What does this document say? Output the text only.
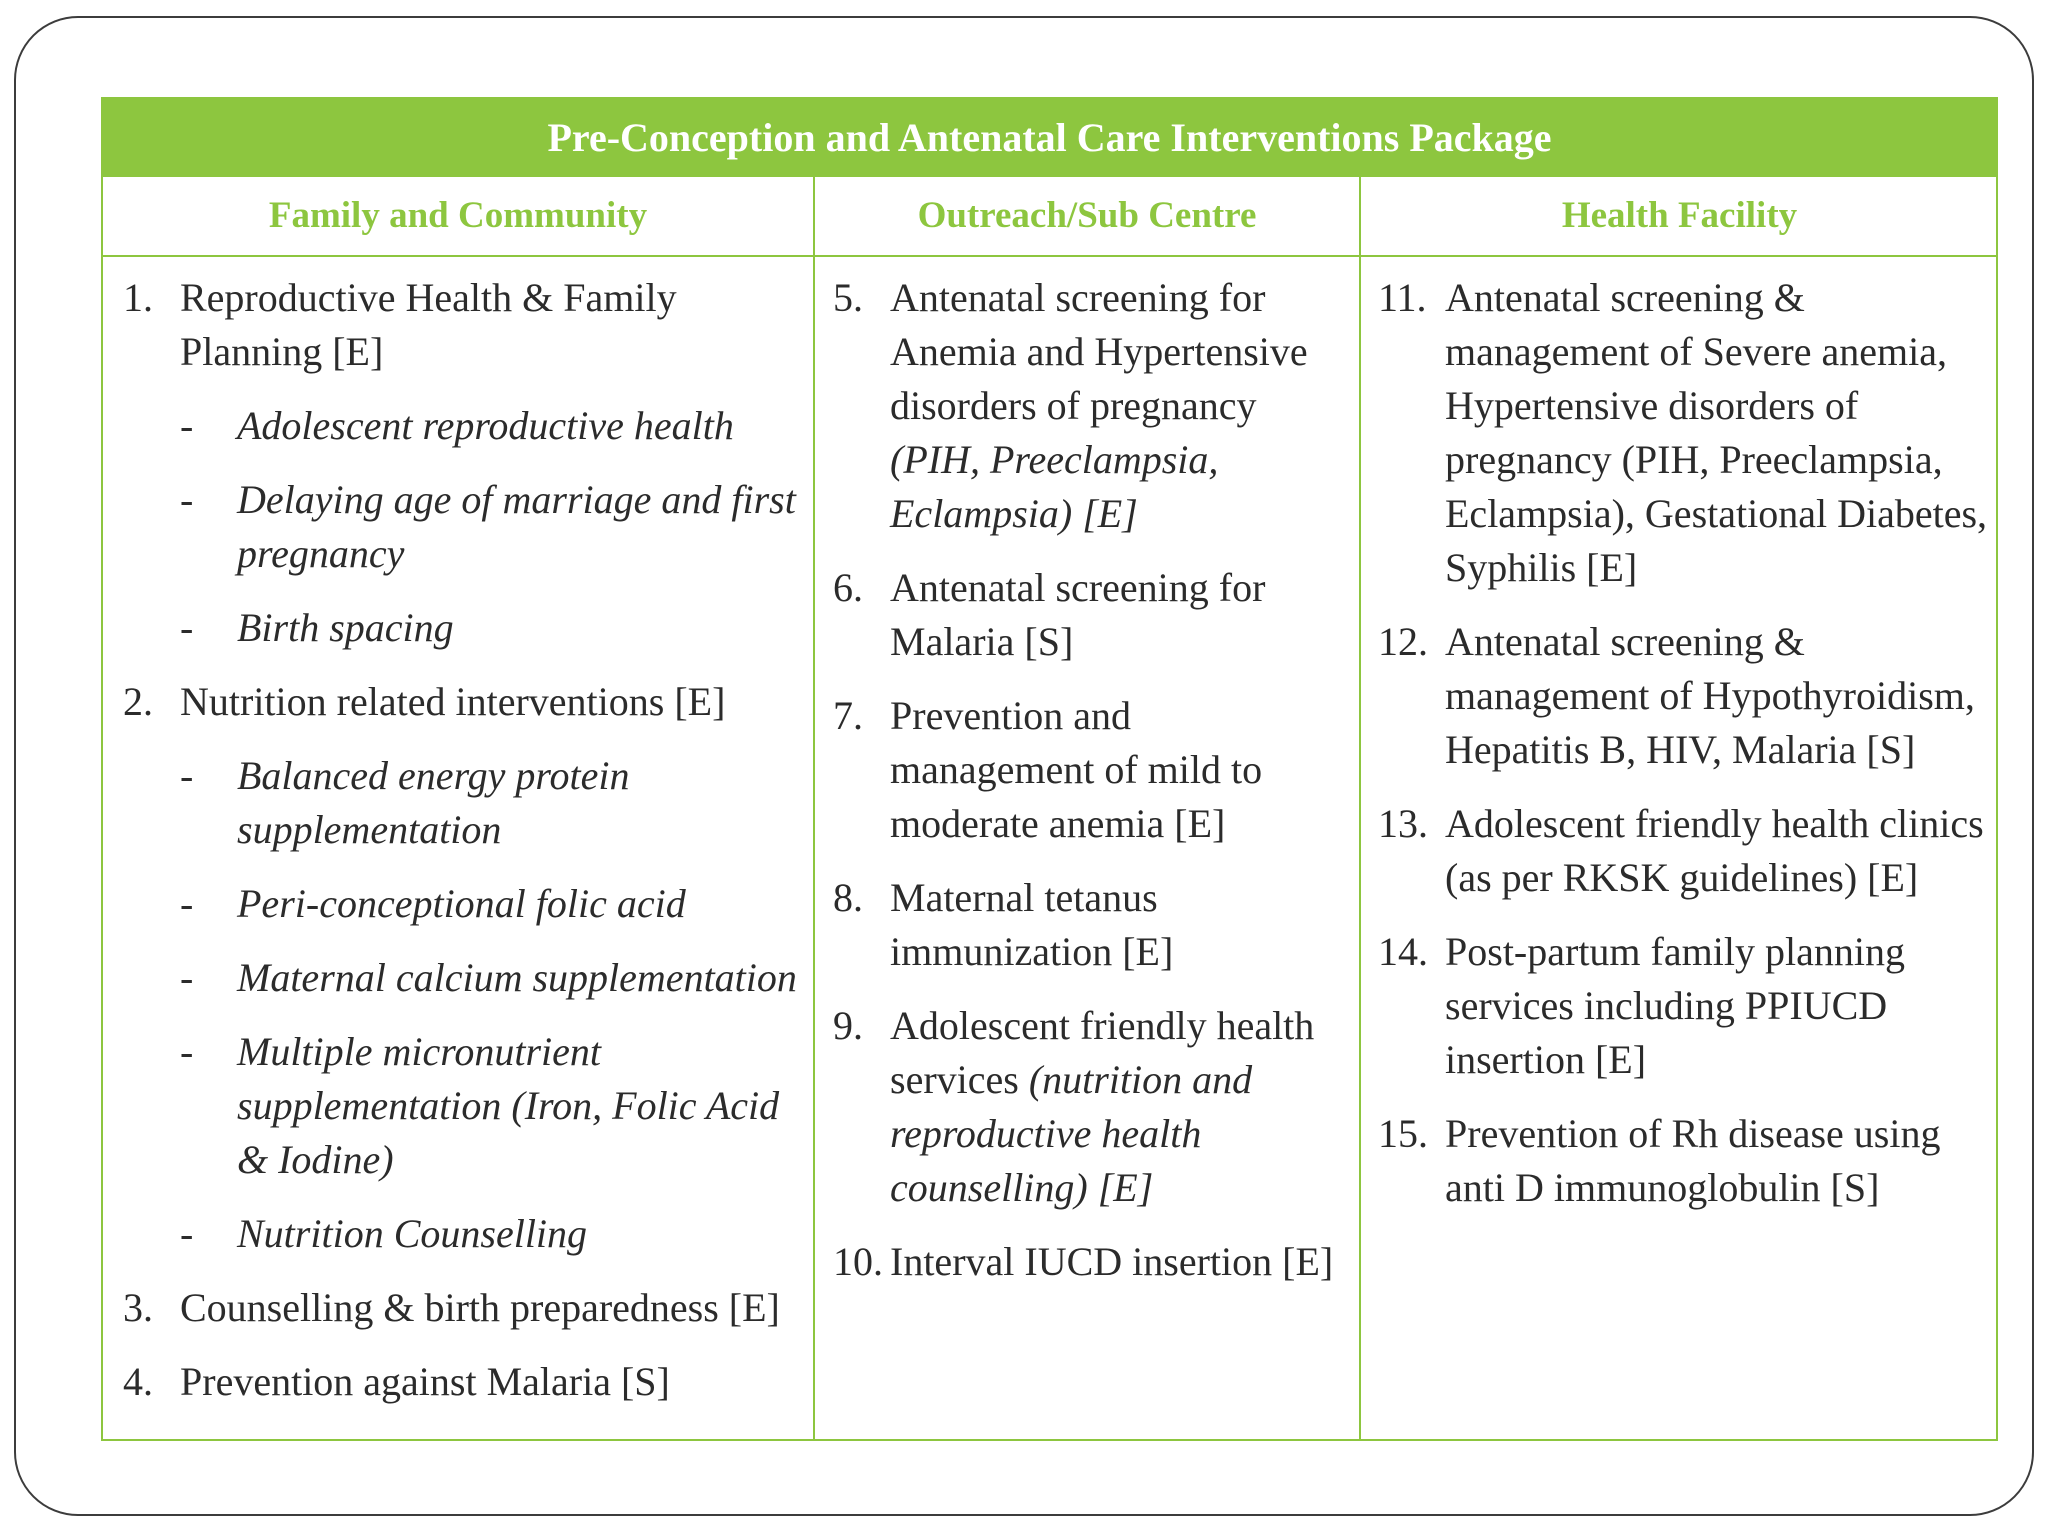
Pre-Conception and Antenatal Care Interventions Package
Family and Community	Outreach/Sub Centre	Health Facility
1. Reproductive Health & Family Planning [E]
- Adolescent reproductive health
- Delaying age of marriage and first pregnancy
- Birth spacing
2. Nutrition related interventions [E]
- Balanced energy protein supplementation
- Peri-conceptional folic acid
- Maternal calcium supplementation
- Multiple micronutrient supplementation (Iron, Folic Acid & Iodine)
- Nutrition Counselling
3. Counselling & birth preparedness [E]
4. Prevention against Malaria [S]
5. Antenatal screening for Anemia and Hypertensive disorders of pregnancy (PIH, Preeclampsia, Eclampsia) [E]
6. Antenatal screening for Malaria [S]
7. Prevention and management of mild to moderate anemia [E]
8. Maternal tetanus immunization [E]
9. Adolescent friendly health services (nutrition and reproductive health counselling) [E]
10. Interval IUCD insertion [E]
11. Antenatal screening & management of Severe anemia, Hypertensive disorders of pregnancy (PIH, Preeclampsia, Eclampsia), Gestational Diabetes, Syphilis [E]
12. Antenatal screening & management of Hypothyroidism, Hepatitis B, HIV, Malaria [S]
13. Adolescent friendly health clinics (as per RKSK guidelines) [E]
14. Post-partum family planning services including PPIUCD insertion [E]
15. Prevention of Rh disease using anti D immunoglobulin [S]
